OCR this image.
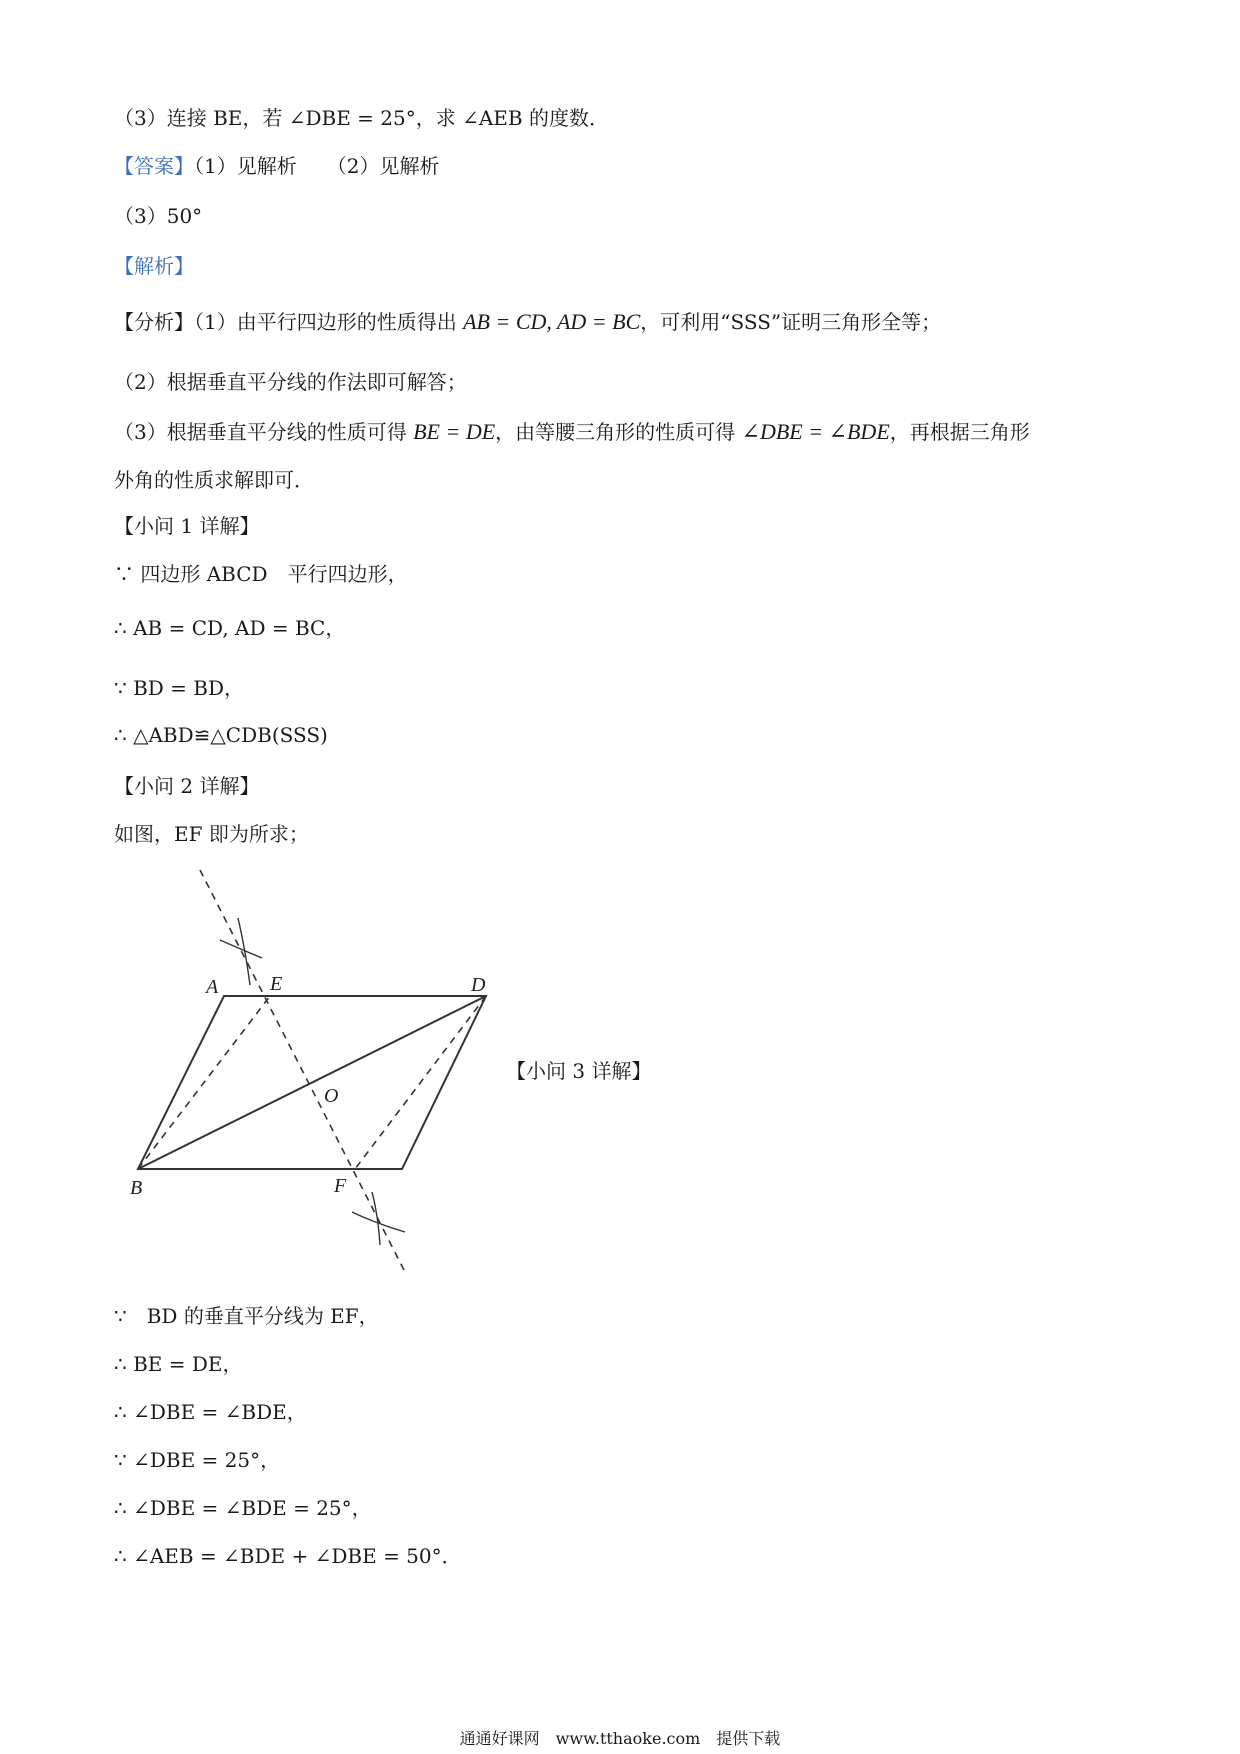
（3）连接 BE，若 ∠DBE = 25°，求 ∠AEB 的度数．
【答案】（1）见解析　　（2）见解析
（3）50°
【解析】
【分析】（1）由平行四边形的性质得出 AB = CD, AD = BC，可利用“SSS”证明三角形全等；
（2）根据垂直平分线的作法即可解答；
（3）根据垂直平分线的性质可得 BE = DE，由等腰三角形的性质可得 ∠DBE = ∠BDE，再根据三角形
外角的性质求解即可．
【小问 1 详解】
∵ 四边形 ABCD　平行四边形，
∴ AB = CD, AD = BC，
∵ BD = BD，
∴ △ABD≌△CDB(SSS)
【小问 2 详解】
如图，EF 即为所求；
A	E	D
O
B	F
【小问 3 详解】
∵　BD 的垂直平分线为 EF，
∴ BE = DE，
∴ ∠DBE = ∠BDE，
∵ ∠DBE = 25°，
∴ ∠DBE = ∠BDE = 25°，
∴ ∠AEB = ∠BDE + ∠DBE = 50°．
通通好课网　www.tthaoke.com　提供下载
